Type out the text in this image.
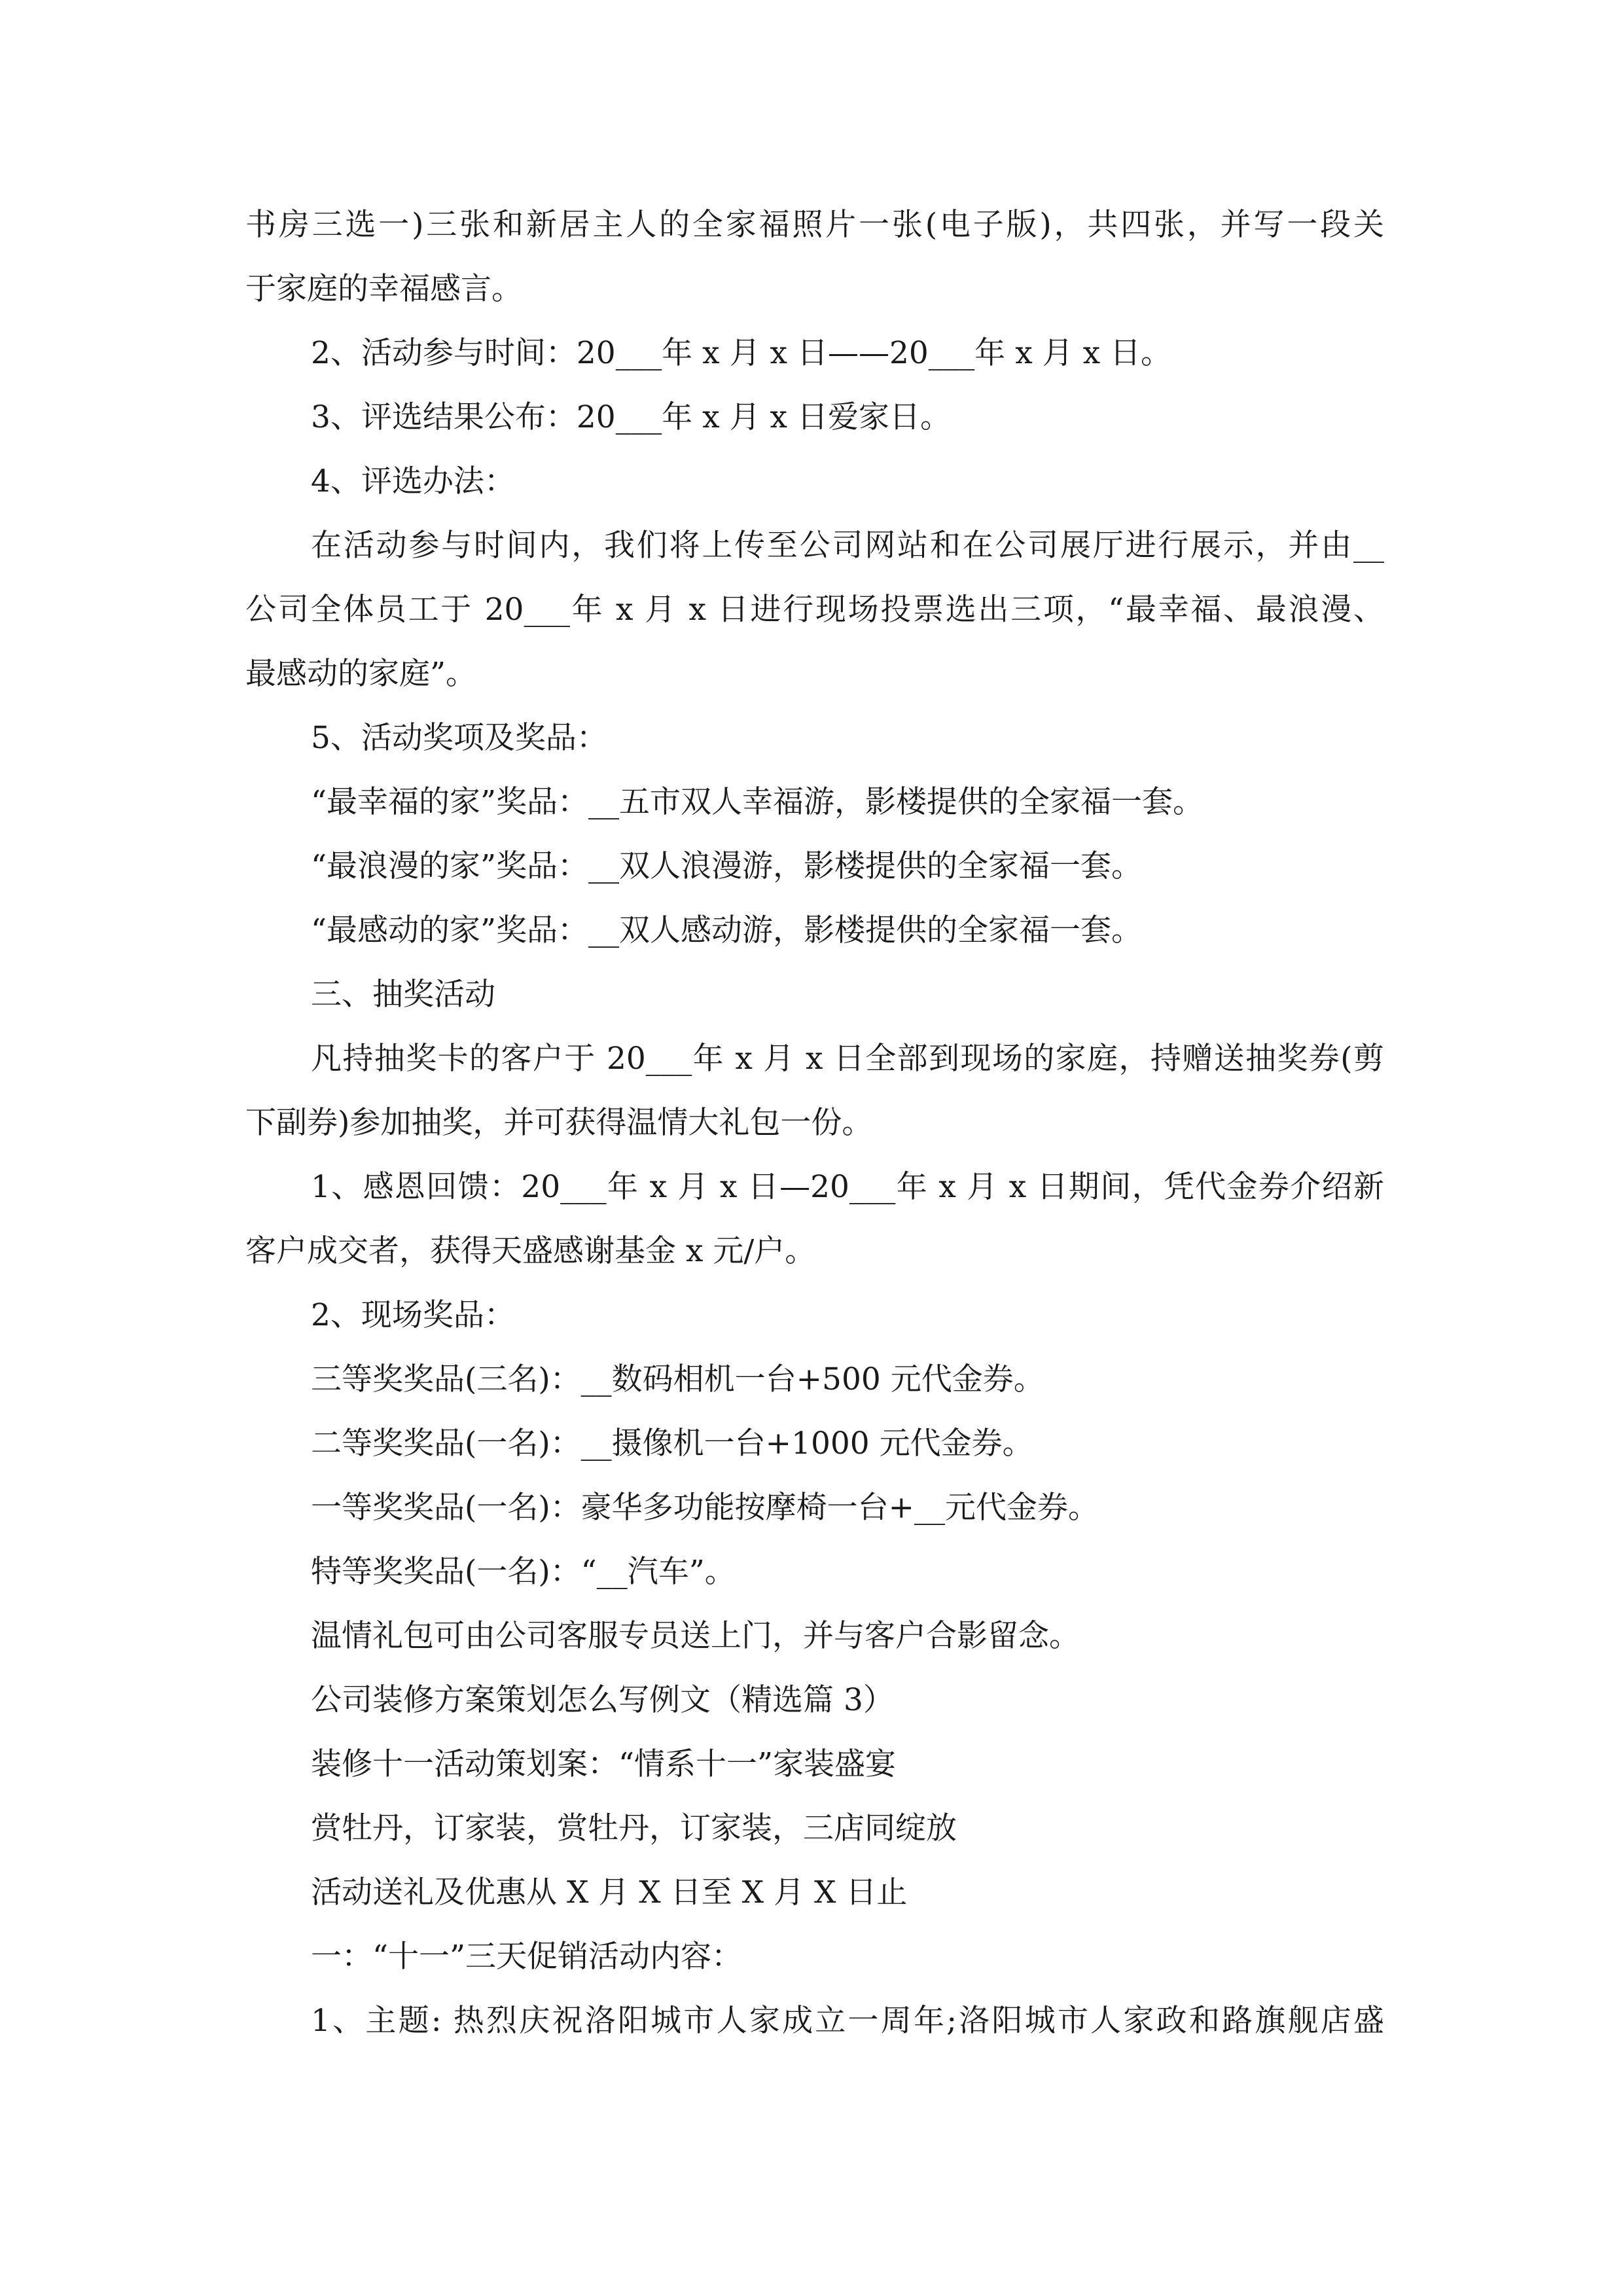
书房三选一)三张和新居主人的全家福照片一张(电子版)，共四张，并写一段关
于家庭的幸福感言。
2、活动参与时间：20___年 x 月 x 日——20___年 x 月 x 日。
3、评选结果公布：20___年 x 月 x 日爱家日。
4、评选办法：
在活动参与时间内，我们将上传至公司网站和在公司展厅进行展示，并由__
公司全体员工于 20___年 x 月 x 日进行现场投票选出三项，“最幸福、最浪漫、
最感动的家庭”。
5、活动奖项及奖品：
“最幸福的家”奖品：__五市双人幸福游，影楼提供的全家福一套。
“最浪漫的家”奖品：__双人浪漫游，影楼提供的全家福一套。
“最感动的家”奖品：__双人感动游，影楼提供的全家福一套。
三、抽奖活动
凡持抽奖卡的客户于 20___年 x 月 x 日全部到现场的家庭，持赠送抽奖券(剪
下副券)参加抽奖，并可获得温情大礼包一份。
1、感恩回馈：20___年 x 月 x 日—20___年 x 月 x 日期间，凭代金券介绍新
客户成交者，获得天盛感谢基金 x 元/户。
2、现场奖品：
三等奖奖品(三名)：__数码相机一台+500 元代金券。
二等奖奖品(一名)：__摄像机一台+1000 元代金券。
一等奖奖品(一名)：豪华多功能按摩椅一台+__元代金券。
特等奖奖品(一名)：“__汽车”。
温情礼包可由公司客服专员送上门，并与客户合影留念。
公司装修方案策划怎么写例文（精选篇 3）
装修十一活动策划案：“情系十一”家装盛宴
赏牡丹，订家装，赏牡丹，订家装，三店同绽放
活动送礼及优惠从 X 月 X 日至 X 月 X 日止
一：“十一”三天促销活动内容：
1、主题: 热烈庆祝洛阳城市人家成立一周年;洛阳城市人家政和路旗舰店盛
